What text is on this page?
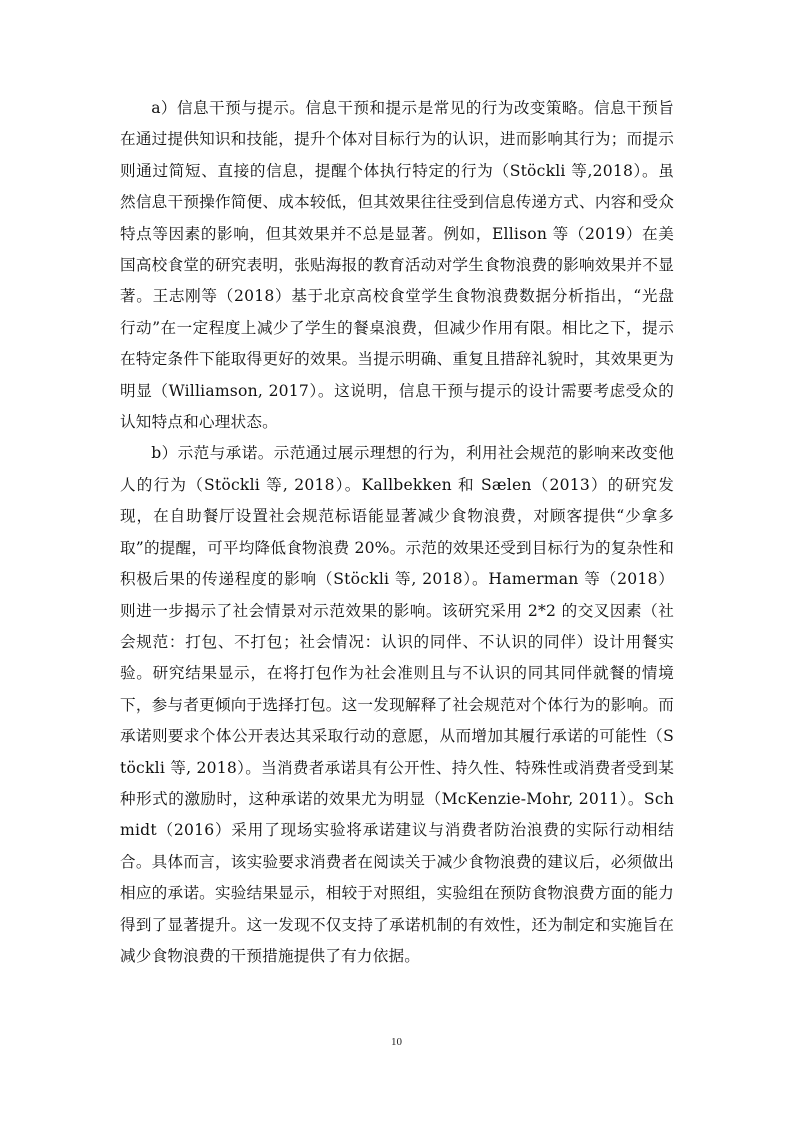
a）信息干预与提示。信息干预和提示是常见的行为改变策略。信息干预旨在通过提供知识和技能，提升个体对目标行为的认识，进而影响其行为；而提示则通过简短、直接的信息，提醒个体执行特定的行为（Stöckli 等,2018）。虽然信息干预操作简便、成本较低，但其效果往往受到信息传递方式、内容和受众特点等因素的影响，但其效果并不总是显著。例如，Ellison 等（2019）在美国高校食堂的研究表明，张贴海报的教育活动对学生食物浪费的影响效果并不显著。王志刚等（2018）基于北京高校食堂学生食物浪费数据分析指出，“光盘行动”在一定程度上减少了学生的餐桌浪费，但减少作用有限。相比之下，提示在特定条件下能取得更好的效果。当提示明确、重复且措辞礼貌时，其效果更为明显（Williamson, 2017）。这说明，信息干预与提示的设计需要考虑受众的认知特点和心理状态。

b）示范与承诺。示范通过展示理想的行为，利用社会规范的影响来改变他人的行为（Stöckli 等, 2018）。Kallbekken 和 Sælen（2013）的研究发现，在自助餐厅设置社会规范标语能显著减少食物浪费，对顾客提供“少拿多取”的提醒，可平均降低食物浪费 20%。示范的效果还受到目标行为的复杂性和积极后果的传递程度的影响（Stöckli 等, 2018）。Hamerman 等（2018）则进一步揭示了社会情景对示范效果的影响。该研究采用 2*2 的交叉因素（社会规范：打包、不打包；社会情况：认识的同伴、不认识的同伴）设计用餐实验。研究结果显示，在将打包作为社会准则且与不认识的同其同伴就餐的情境下，参与者更倾向于选择打包。这一发现解释了社会规范对个体行为的影响。而承诺则要求个体公开表达其采取行动的意愿，从而增加其履行承诺的可能性（Stöckli 等, 2018）。当消费者承诺具有公开性、持久性、特殊性或消费者受到某种形式的激励时，这种承诺的效果尤为明显（McKenzie-Mohr, 2011）。Schmidt（2016）采用了现场实验将承诺建议与消费者防治浪费的实际行动相结合。具体而言，该实验要求消费者在阅读关于减少食物浪费的建议后，必须做出相应的承诺。实验结果显示，相较于对照组，实验组在预防食物浪费方面的能力得到了显著提升。这一发现不仅支持了承诺机制的有效性，还为制定和实施旨在减少食物浪费的干预措施提供了有力依据。

10
